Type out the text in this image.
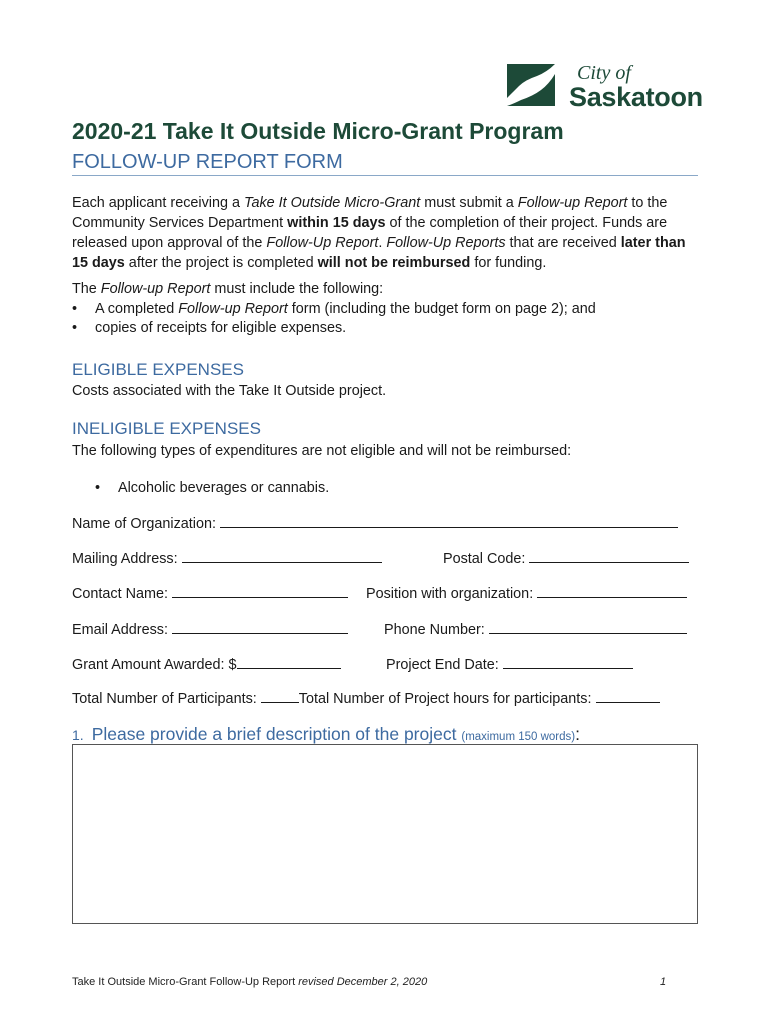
City of
Saskatoon
2020-21 Take It Outside Micro-Grant Program
FOLLOW-UP REPORT FORM
Each applicant receiving a Take It Outside Micro-Grant must submit a Follow-up Report to the Community Services Department within 15 days of the completion of their project. Funds are released upon approval of the Follow-Up Report. Follow-Up Reports that are received later than 15 days after the project is completed will not be reimbursed for funding.
The Follow-up Report must include the following:
• A completed Follow-up Report form (including the budget form on page 2); and
• copies of receipts for eligible expenses.
ELIGIBLE EXPENSES
Costs associated with the Take It Outside project.
INELIGIBLE EXPENSES
The following types of expenditures are not eligible and will not be reimbursed:
• Alcoholic beverages or cannabis.
Name of Organization:
Mailing Address:	Postal Code:
Contact Name:	Position with organization:
Email Address:	Phone Number:
Grant Amount Awarded: $	Project End Date:
Total Number of Participants:	Total Number of Project hours for participants:
1. Please provide a brief description of the project (maximum 150 words):
Take It Outside Micro-Grant Follow-Up Report revised December 2, 2020	1
